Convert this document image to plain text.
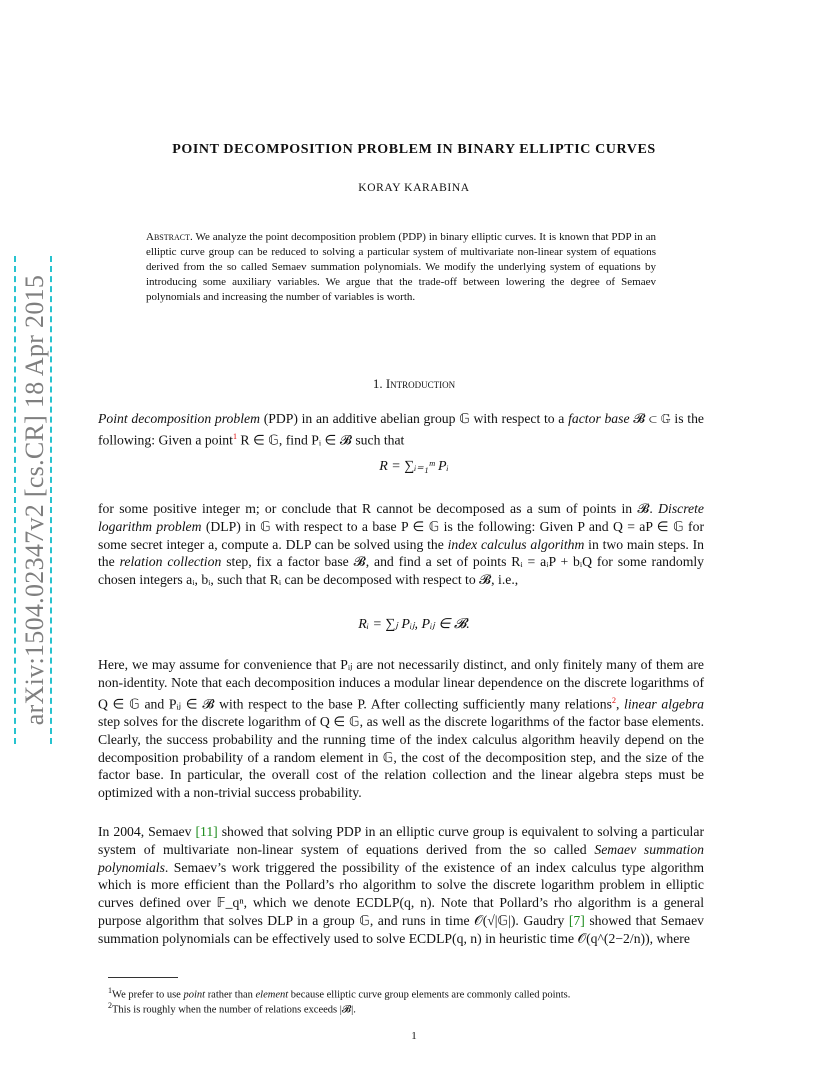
arXiv:1504.02347v2 [cs.CR] 18 Apr 2015
POINT DECOMPOSITION PROBLEM IN BINARY ELLIPTIC CURVES
KORAY KARABINA
Abstract. We analyze the point decomposition problem (PDP) in binary elliptic curves. It is known that PDP in an elliptic curve group can be reduced to solving a particular system of multivariate non-linear system of equations derived from the so called Semaev summation polynomials. We modify the underlying system of equations by introducing some auxiliary variables. We argue that the trade-off between lowering the degree of Semaev polynomials and increasing the number of variables is worth.
1. Introduction
Point decomposition problem (PDP) in an additive abelian group 𝔾 with respect to a factor base 𝓑 ⊂ 𝔾 is the following: Given a point$^1$ R ∈ 𝔾, find Pᵢ ∈ 𝓑 such that
R = ∑ᵢ₌₁ᵐ Pᵢ
for some positive integer m; or conclude that R cannot be decomposed as a sum of points in 𝓑. Discrete logarithm problem (DLP) in 𝔾 with respect to a base P ∈ 𝔾 is the following: Given P and Q = aP ∈ 𝔾 for some secret integer a, compute a. DLP can be solved using the index calculus algorithm in two main steps. In the relation collection step, fix a factor base 𝓑, and find a set of points Rᵢ = aᵢP + bᵢQ for some randomly chosen integers aᵢ, bᵢ, such that Rᵢ can be decomposed with respect to 𝓑, i.e.,
Rᵢ = ∑ⱼ Pᵢⱼ, Pᵢⱼ ∈ 𝓑.
Here, we may assume for convenience that Pᵢⱼ are not necessarily distinct, and only finitely many of them are non-identity. Note that each decomposition induces a modular linear dependence on the discrete logarithms of Q ∈ 𝔾 and Pᵢⱼ ∈ 𝓑 with respect to the base P. After collecting sufficiently many relations$^2$, linear algebra step solves for the discrete logarithm of Q ∈ 𝔾, as well as the discrete logarithms of the factor base elements. Clearly, the success probability and the running time of the index calculus algorithm heavily depend on the decomposition probability of a random element in 𝔾, the cost of the decomposition step, and the size of the factor base. In particular, the overall cost of the relation collection and the linear algebra steps must be optimized with a non-trivial success probability.
In 2004, Semaev [11] showed that solving PDP in an elliptic curve group is equivalent to solving a particular system of multivariate non-linear system of equations derived from the so called Semaev summation polynomials. Semaev’s work triggered the possibility of the existence of an index calculus type algorithm which is more efficient than the Pollard’s rho algorithm to solve the discrete logarithm problem in elliptic curves defined over 𝔽_qⁿ, which we denote ECDLP(q, n). Note that Pollard’s rho algorithm is a general purpose algorithm that solves DLP in a group 𝔾, and runs in time 𝒪(√|𝔾|). Gaudry [7] showed that Semaev summation polynomials can be effectively used to solve ECDLP(q, n) in heuristic time 𝒪(q^(2−2/n)), where
$^1$We prefer to use point rather than element because elliptic curve group elements are commonly called points.
$^2$This is roughly when the number of relations exceeds |𝓑|.
1
